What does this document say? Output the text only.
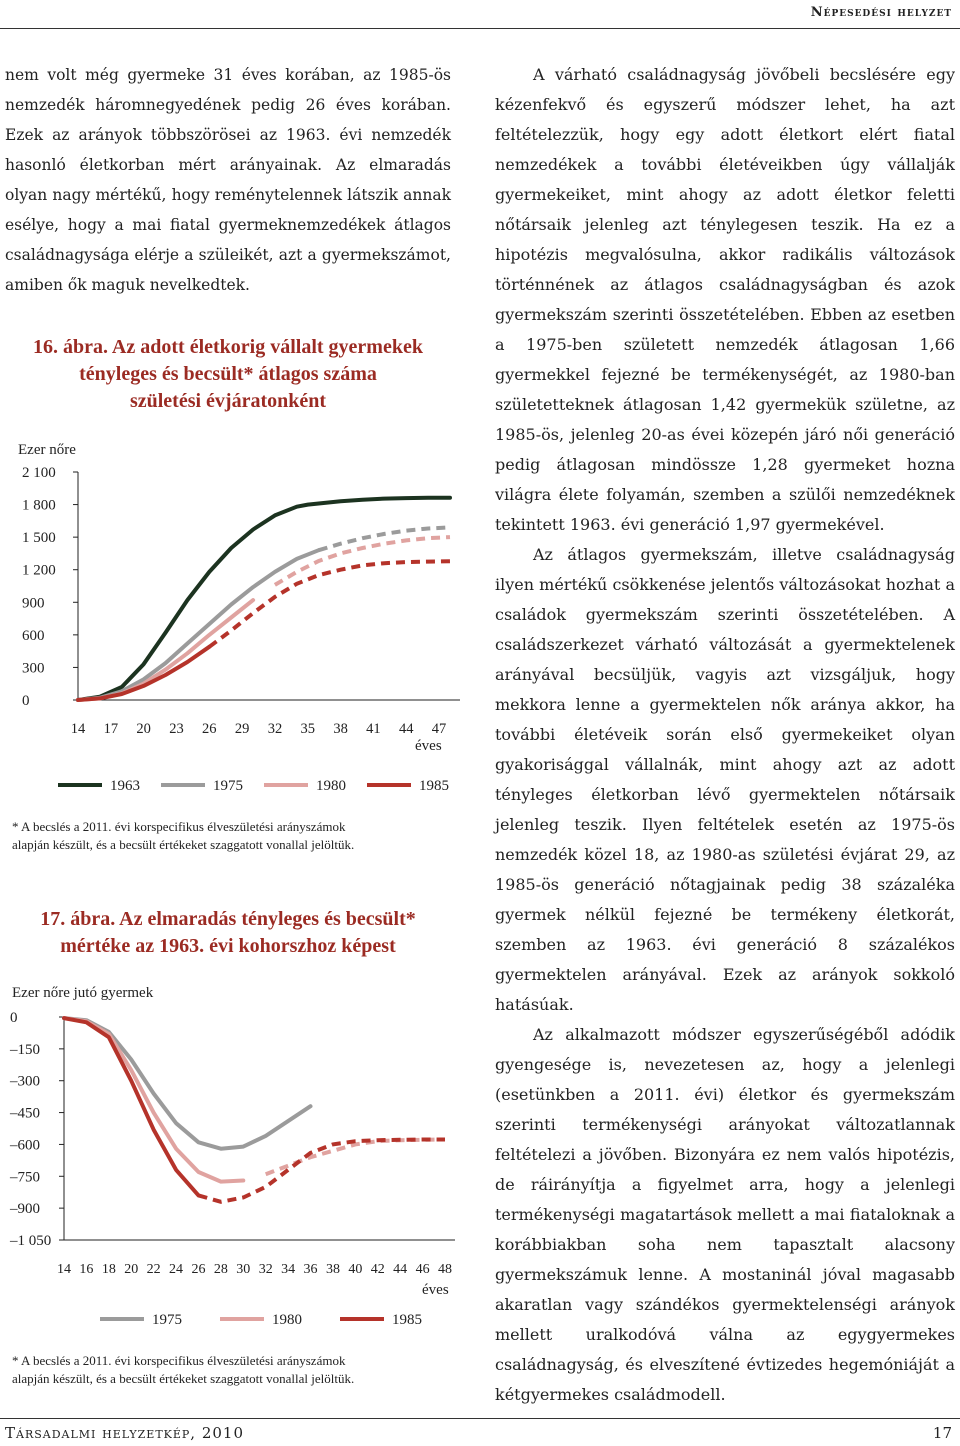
Népesedési helyzet

nem volt még gyermeke 31 éves korában, az 1985-ös nemzedék háromnegyedének pedig 26 éves korában. Ezek az arányok többszörösei az 1963. évi nemzedék hasonló életkorban mért arányainak. Az elmaradás olyan nagy mértékű, hogy reménytelennek látszik annak esélye, hogy a mai fiatal gyermeknemzedékek átlagos családnagysága elérje a szüleikét, azt a gyermekszámot, amiben ők maguk nevelkedtek.

16. ábra. Az adott életkorig vállalt gyermekek
tényleges és becsült* átlagos száma
születési évjáratonként
Ezer nőre
0
300
600
900
1 200
1 500
1 800
2 100
14 17 20 23 26 29 32 35 38 41 44 47
1963	1975	1980	1985
éves
* A becslés a 2011. évi korspecifikus élveszületési arányszámok
alapján készült, és a becsült értékeket szaggatott vonallal jelöltük.
17. ábra. Az elmaradás tényleges és becsült*
mértéke az 1963. évi kohorszhoz képest
Ezer nőre jutó gyermek
0
–150
–300
–450
–600
–750
–900
–1 050
14 16 18 20 22 24 26 28 30 32 34 36 38 40 42 44 46 48
1975	1980	1985
éves
* A becslés a 2011. évi korspecifikus élveszületési arányszámok
alapján készült, és a becsült értékeket szaggatott vonallal jelöltük.

A várható családnagyság jövőbeli becslésére egy kézenfekvő és egyszerű módszer lehet, ha azt feltételezzük, hogy egy adott életkort elért fiatal nemzedékek a további életéveikben úgy vállalják gyermekeiket, mint ahogy az adott életkor feletti nőtársaik jelenleg azt ténylegesen teszik. Ha ez a hipotézis megvalósulna, akkor radikális változások történnének az átlagos családnagyságban és azok gyermekszám szerinti összetételében. Ebben az esetben a 1975-ben született nemzedék átlagosan 1,66 gyermekkel fejezné be termékenységét, az 1980-ban születetteknek átlagosan 1,42 gyermekük születne, az 1985-ös, jelenleg 20-as évei közepén járó női generáció pedig átlagosan mindössze 1,28 gyermeket hozna világra élete folyamán, szemben a szülői nemzedéknek tekintett 1963. évi generáció 1,97 gyermekével.

Az átlagos gyermekszám, illetve családnagyság ilyen mértékű csökkenése jelentős változásokat hozhat a családok gyermekszám szerinti összetételében. A családszerkezet várható változását a gyermektelenek arányával becsüljük, vagyis azt vizsgáljuk, hogy mekkora lenne a gyermektelen nők aránya akkor, ha további életéveik során első gyermekeiket olyan gyakorisággal vállalnák, mint ahogy azt az adott tényleges életkorban lévő gyermektelen nőtársaik jelenleg teszik. Ilyen feltételek esetén az 1975-ös nemzedék közel 18, az 1980-as születési évjárat 29, az 1985-ös generáció nőtagjainak pedig 38 százaléka gyermek nélkül fejezné be termékeny életkorát, szemben az 1963. évi generáció 8 százalékos gyermektelen arányával. Ezek az arányok sokkoló hatásúak.

Az alkalmazott módszer egyszerűségéből adódik gyengesége is, nevezetesen az, hogy a jelenlegi (esetünkben a 2011. évi) életkor és gyermekszám szerinti termékenységi arányokat változatlannak feltételezi a jövőben. Bizonyára ez nem valós hipotézis, de ráirányítja a figyelmet arra, hogy a jelenlegi termékenységi magatartások mellett a mai fiataloknak a korábbiakban soha nem tapasztalt alacsony gyermekszámuk lenne. A mostaninál jóval magasabb akaratlan vagy szándékos gyermektelenségi arányok mellett uralkodóvá válna az egygyermekes családnagyság, és elveszítené évtizedes hegemóniáját a kétgyermekes családmodell.

Társadalmi helyzetkép, 2010	17
